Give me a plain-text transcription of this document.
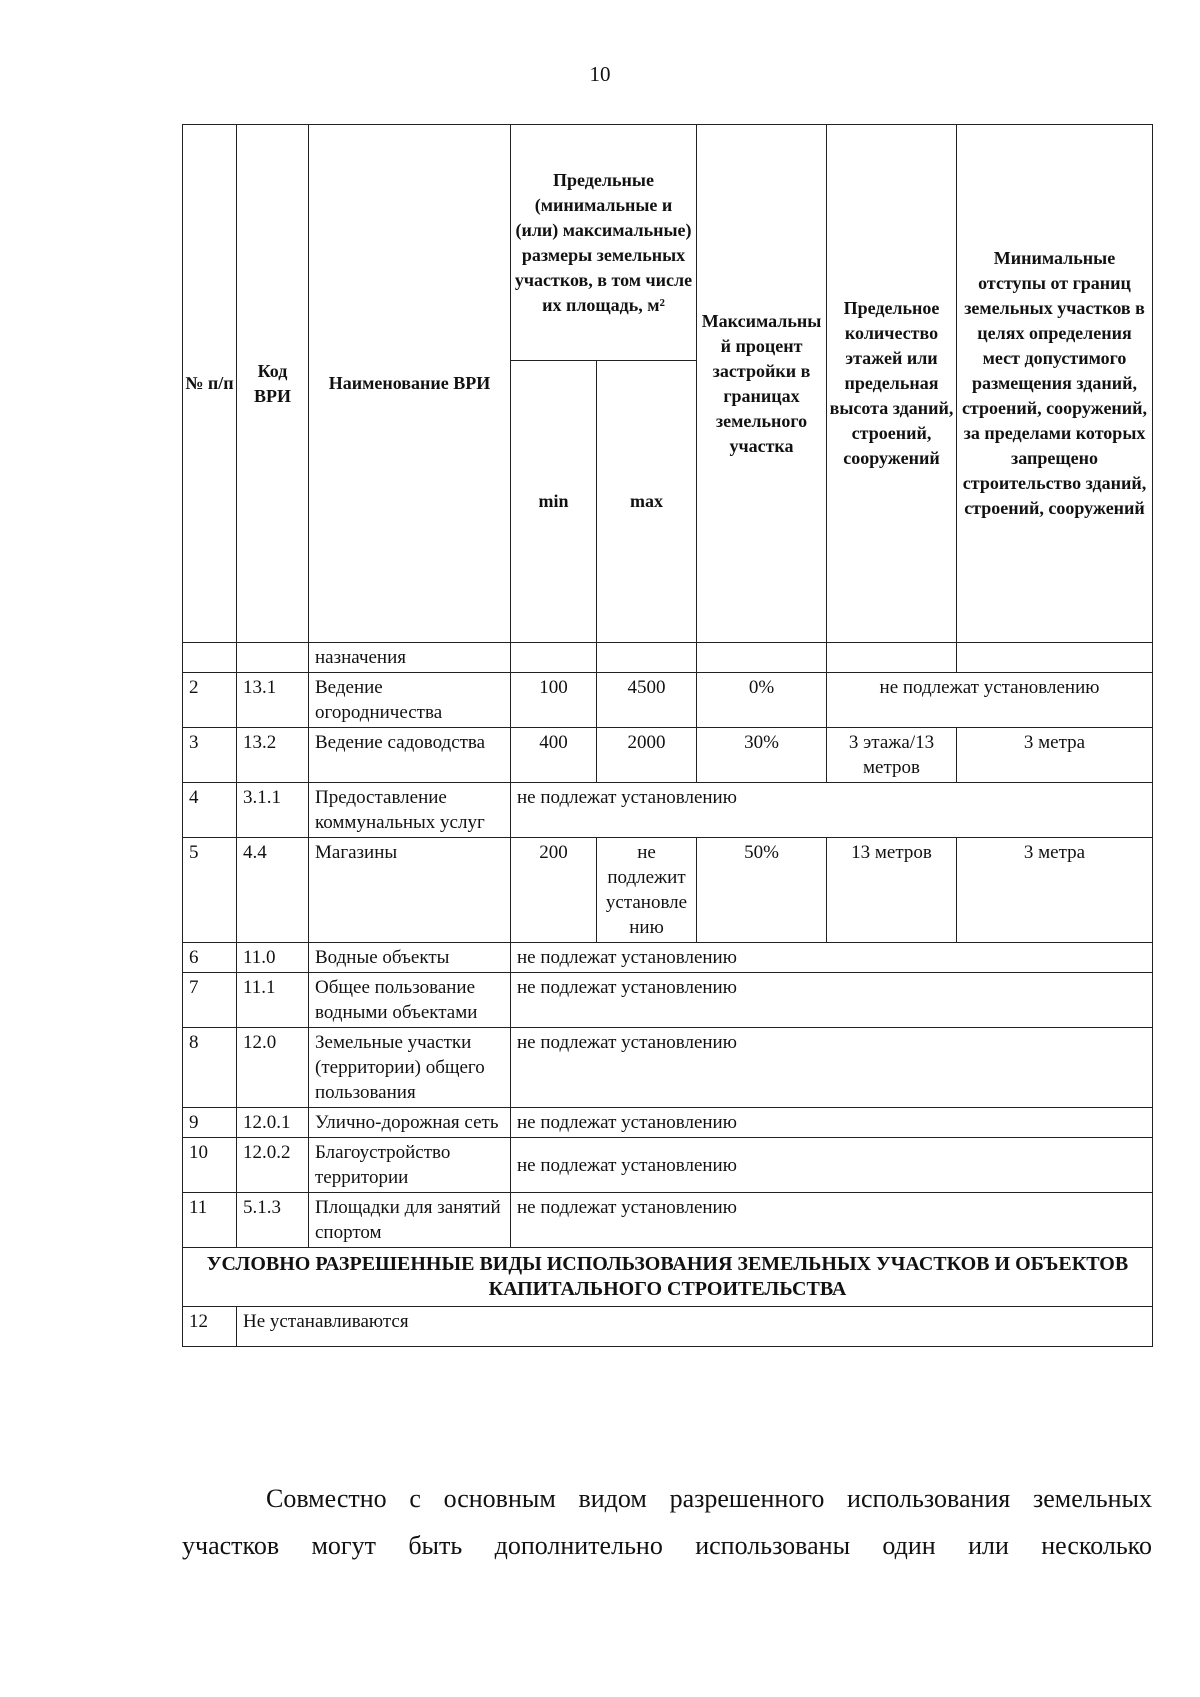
10
№ п/п	Код ВРИ	Наименование ВРИ	Предельные (минимальные и (или) максимальные) размеры земельных участков, в том числе их площадь, м²		Максимальный процент застройки в границах земельного участка	Предельное количество этажей или предельная высота зданий, строений, сооружений	Минимальные отступы от границ земельных участков в целях определения мест допустимого размещения зданий, строений, сооружений, за пределами которых запрещено строительство зданий, строений, сооружений
			min	max			
		назначения					
2	13.1	Ведение огородничества	100	4500	0%	не подлежат установлению	
3	13.2	Ведение садоводства	400	2000	30%	3 этажа/13 метров	3 метра
4	3.1.1	Предоставление коммунальных услуг	не подлежат установлению				
5	4.4	Магазины	200	не подлежит установлению	50%	13 метров	3 метра
6	11.0	Водные объекты	не подлежат установлению				
7	11.1	Общее пользование водными объектами	не подлежат установлению				
8	12.0	Земельные участки (территории) общего пользования	не подлежат установлению				
9	12.0.1	Улично-дорожная сеть	не подлежат установлению				
10	12.0.2	Благоустройство территории	не подлежат установлению				
11	5.1.3	Площадки для занятий спортом	не подлежат установлению				
УСЛОВНО РАЗРЕШЕННЫЕ ВИДЫ ИСПОЛЬЗОВАНИЯ ЗЕМЕЛЬНЫХ УЧАСТКОВ И ОБЪЕКТОВ КАПИТАЛЬНОГО СТРОИТЕЛЬСТВА							
12	Не устанавливаются						
Совместно с основным видом разрешенного использования земельных
участков могут быть дополнительно использованы один или несколько
